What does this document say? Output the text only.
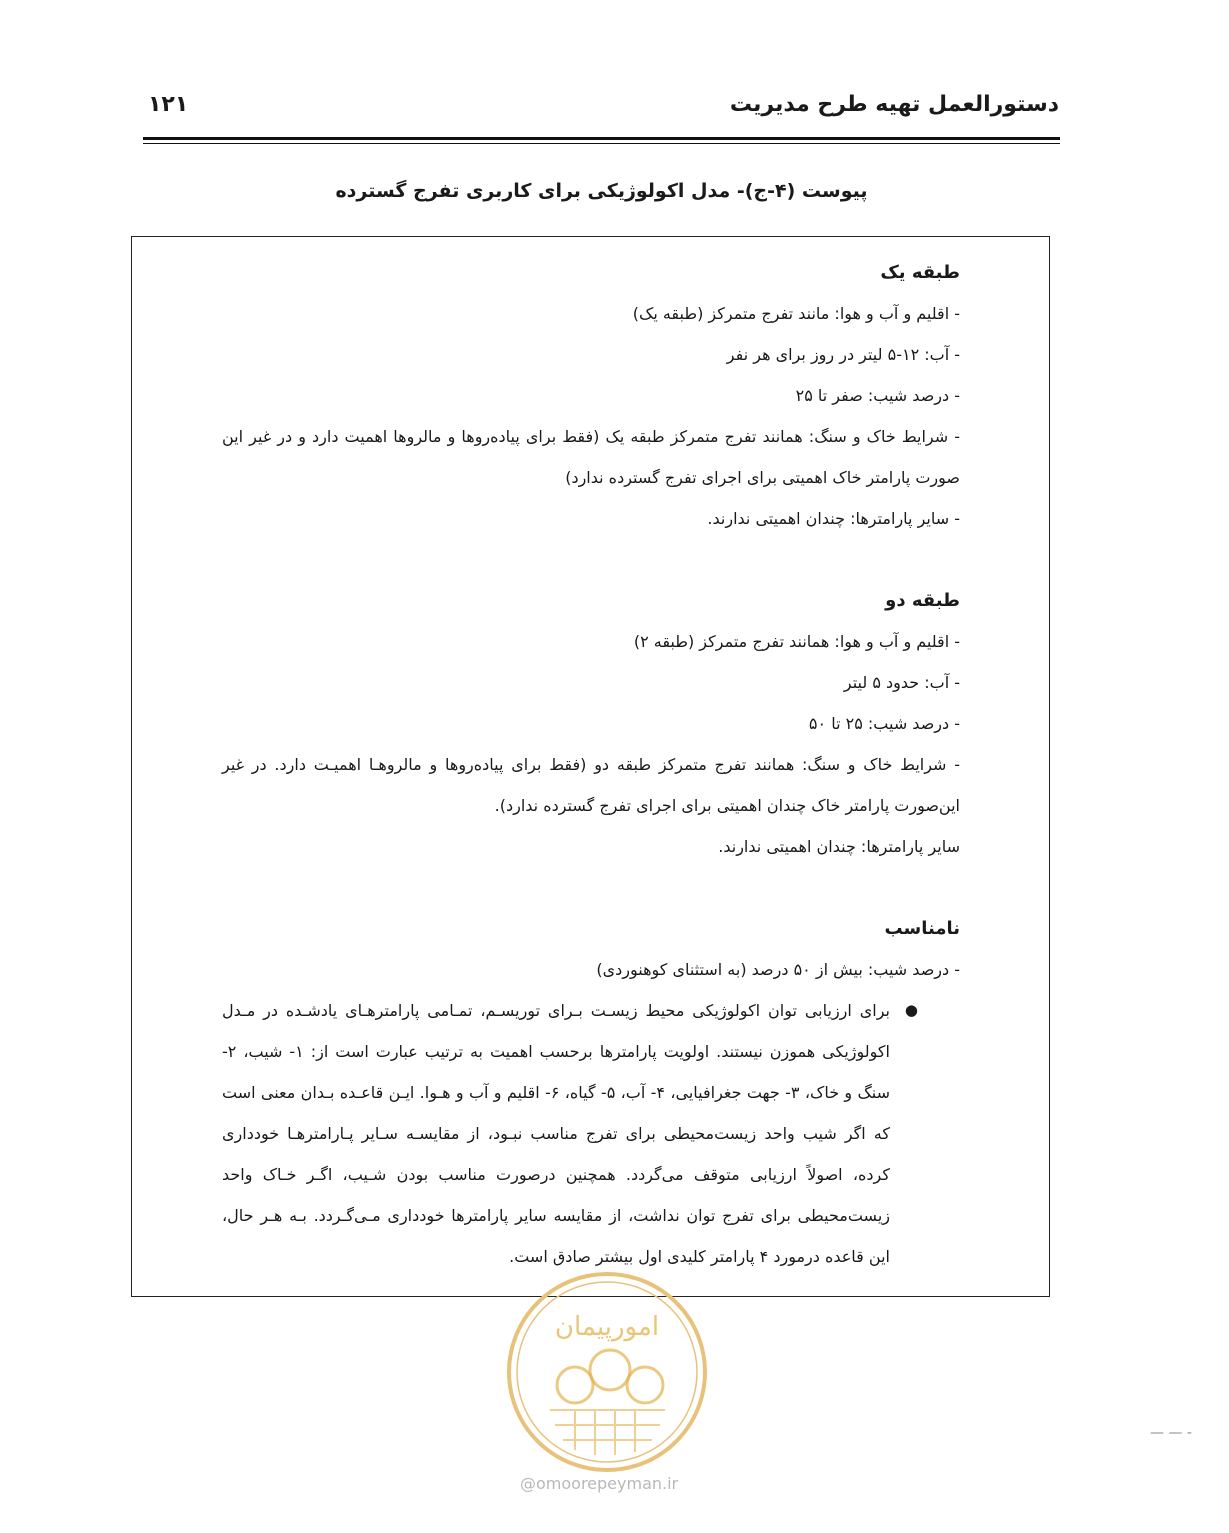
دستورالعمل تهیه طرح مدیریت
۱۲۱
پیوست (۴-ج)- مدل اکولوژیکی برای کاربری تفرج گسترده
طبقه یک
- اقلیم و آب و هوا: مانند تفرج متمرکز (طبقه یک)
- آب: ۱۲-۵ لیتر در روز برای هر نفر
- درصد شیب: صفر تا ۲۵
- شرایط خاک و سنگ: همانند تفرج متمرکز طبقه یک (فقط برای پیاده‌روها و مالروها اهمیت دارد و در غیر این صورت پارامتر خاک اهمیتی برای اجرای تفرج گسترده ندارد)
- سایر پارامترها: چندان اهمیتی ندارند.
طبقه دو
- اقلیم و آب و هوا: همانند تفرج متمرکز (طبقه ۲)
- آب: حدود ۵ لیتر
- درصد شیب: ۲۵ تا ۵۰
- شرایط خاک و سنگ: همانند تفرج متمرکز طبقه دو (فقط برای پیاده‌روها و مالروهـا اهمیـت دارد. در غیر این‌صورت پارامتر خاک چندان اهمیتی برای اجرای تفرج گسترده ندارد).
سایر پارامترها: چندان اهمیتی ندارند.
نامناسب
- درصد شیب: بیش از ۵۰ درصد (به استثنای کوهنوردی)
●
برای ارزیابی توان اکولوژیکی محیط زیسـت بـرای توریسـم، تمـامی پارامترهـای یادشـده در مـدل اکولوژیکی هموزن نیستند. اولویت پارامترها برحسب اهمیت به ترتیب عبارت است از: ۱- شیب، ۲- سنگ و خاک، ۳- جهت جغرافیایی، ۴- آب، ۵- گیاه، ۶- اقلیم و آب و هـوا. ایـن قاعـده بـدان معنی است که اگر شیب واحد زیست‌محیطی برای تفرج مناسب نبـود، از مقایسـه سـایر پـارامترهـا خودداری کرده، اصولاً ارزیابی متوقف می‌گردد. همچنین درصورت مناسب بودن شـیب، اگـر خـاک واحد زیست‌محیطی برای تفرج توان نداشت، از مقایسه سایر پارامترها خودداری مـی‌گـردد. بـه هـر حال، این قاعده درمورد ۴ پارامتر کلیدی اول بیشتر صادق است.
امورپیمان
@omoorepeyman.ir
— — -
